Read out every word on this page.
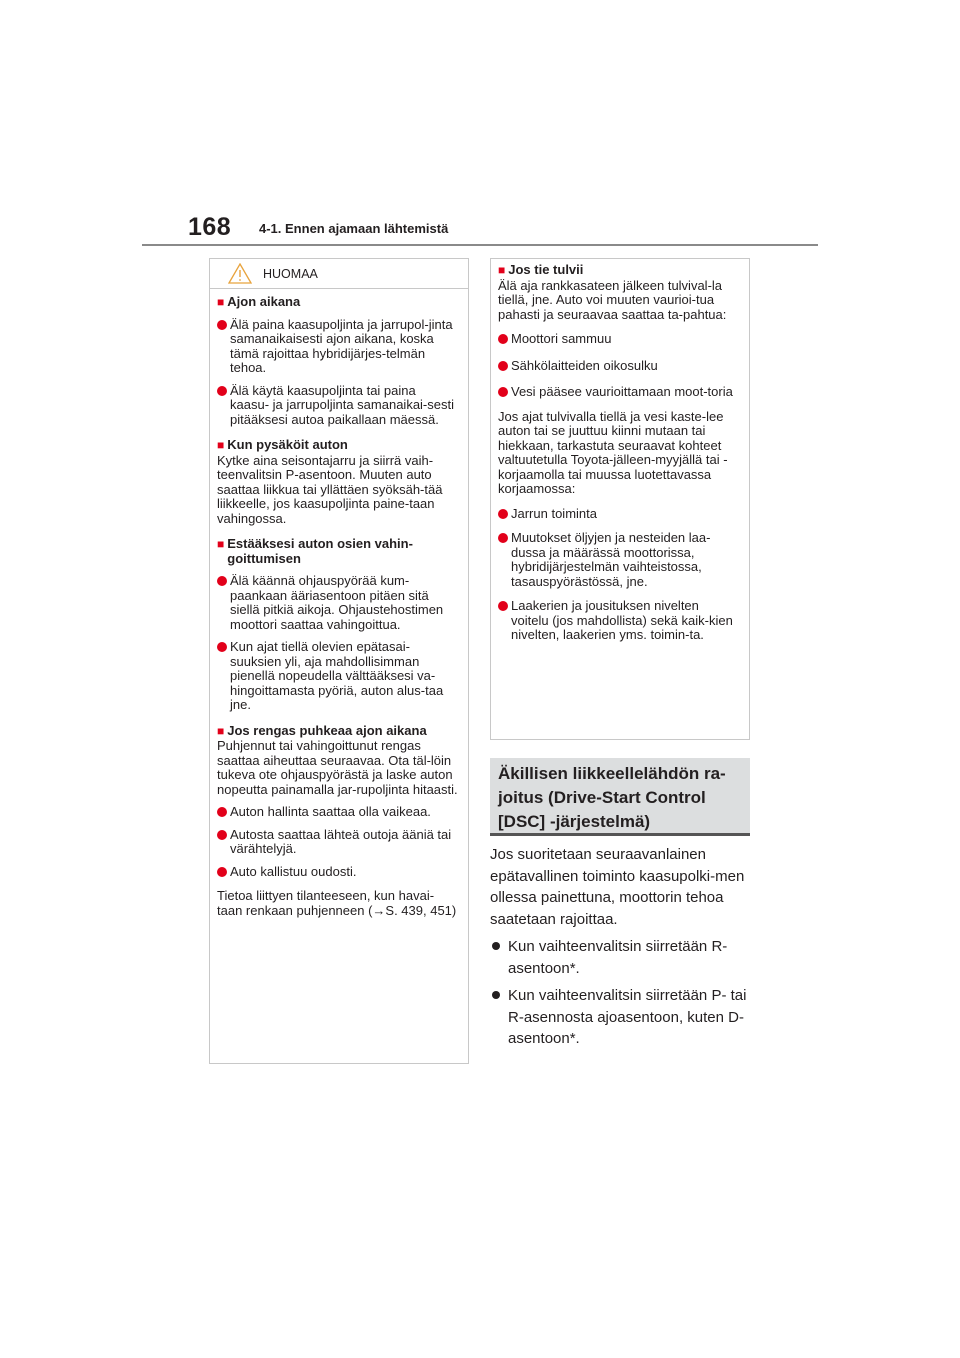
168 4-1. Ennen ajamaan lähtemistä
HUOMAA
■ Ajon aikana
Älä paina kaasupoljinta ja jarrupol-jinta samanaikaisesti ajon aikana, koska tämä rajoittaa hybridijärjes-telmän tehoa.
Älä käytä kaasupoljinta tai paina kaasu- ja jarrupoljinta samanaikai-sesti pitääksesi autoa paikallaan mäessä.
■ Kun pysäköit auton
Kytke aina seisontajarru ja siirrä vaih-teenvalitsin P-asentoon. Muuten auto saattaa liikkua tai yllättäen syöksäh-tää liikkeelle, jos kaasupoljinta paine-taan vahingossa.
■ Estääksesi auton osien vahin-goittumisen
Älä käännä ohjauspyörää kum-paankaan ääriasentoon pitäen sitä siellä pitkiä aikoja. Ohjaustehostimen moottori saattaa vahingoittua.
Kun ajat tiellä olevien epätasai-suuksien yli, aja mahdollisimman pienellä nopeudella välttääksesi va-hingoittamasta pyöriä, auton alus-taa jne.
■ Jos rengas puhkeaa ajon aikana
Puhjennut tai vahingoittunut rengas saattaa aiheuttaa seuraavaa. Ota täl-löin tukeva ote ohjauspyörästä ja laske auton nopeutta painamalla jar-rupoljinta hitaasti.
Auton hallinta saattaa olla vaikeaa.
Autosta saattaa lähteä outoja ääniä tai värähtelyjä.
Auto kallistuu oudosti.
Tietoa liittyen tilanteeseen, kun havai-taan renkaan puhjenneen (→S. 439, 451)
■ Jos tie tulvii
Älä aja rankkasateen jälkeen tulvival-la tiellä, jne. Auto voi muuten vaurioi-tua pahasti ja seuraavaa saattaa ta-pahtua:
Moottori sammuu
Sähkölaitteiden oikosulku
Vesi pääsee vaurioittamaan moot-toria
Jos ajat tulvivalla tiellä ja vesi kaste-lee auton tai se juuttuu kiinni mutaan tai hiekkaan, tarkastuta seuraavat kohteet valtuutetulla Toyota-jälleen-myyjällä tai -korjaamolla tai muussa luotettavassa korjaamossa:
Jarrun toiminta
Muutokset öljyjen ja nesteiden laa-dussa ja määrässä moottorissa, hybridijärjestelmän vaihteistossa, tasauspyörästössä, jne.
Laakerien ja jousituksen nivelten voitelu (jos mahdollista) sekä kaik-kien nivelten, laakerien yms. toimin-ta.
Äkillisen liikkeellelähdön ra-joitus (Drive-Start Control [DSC] -järjestelmä)
Jos suoritetaan seuraavanlainen epätavallinen toiminto kaasupolki-men ollessa painettuna, moottorin tehoa saatetaan rajoittaa.
Kun vaihteenvalitsin siirretään R-asentoon*.
Kun vaihteenvalitsin siirretään P- tai R-asennosta ajoasentoon, kuten D-asentoon*.
